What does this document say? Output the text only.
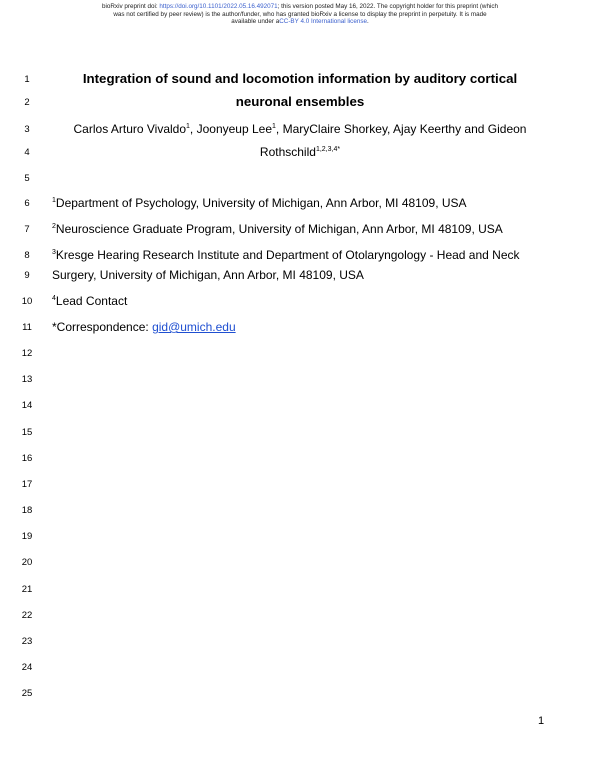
bioRxiv preprint doi: https://doi.org/10.1101/2022.05.16.492071; this version posted May 16, 2022. The copyright holder for this preprint (which
was not certified by peer review) is the author/funder, who has granted bioRxiv a license to display the preprint in perpetuity. It is made
available under aCC-BY 4.0 International license.
1
2
3
4
5
6
7
8
9
10
11
12
13
14
15
16
17
18
19
20
21
22
23
24
25
Integration of sound and locomotion information by auditory cortical
neuronal ensembles
Carlos Arturo Vivaldo$^1$, Joonyeup Lee$^1$, MaryClaire Shorkey, Ajay Keerthy and Gideon
Rothschild$^{1,2,3,4*}$
$^1$Department of Psychology, University of Michigan, Ann Arbor, MI 48109, USA
$^2$Neuroscience Graduate Program, University of Michigan, Ann Arbor, MI 48109, USA
$^3$Kresge Hearing Research Institute and Department of Otolaryngology - Head and Neck
Surgery, University of Michigan, Ann Arbor, MI 48109, USA
$^4$Lead Contact
*Correspondence: gid@umich.edu
1
